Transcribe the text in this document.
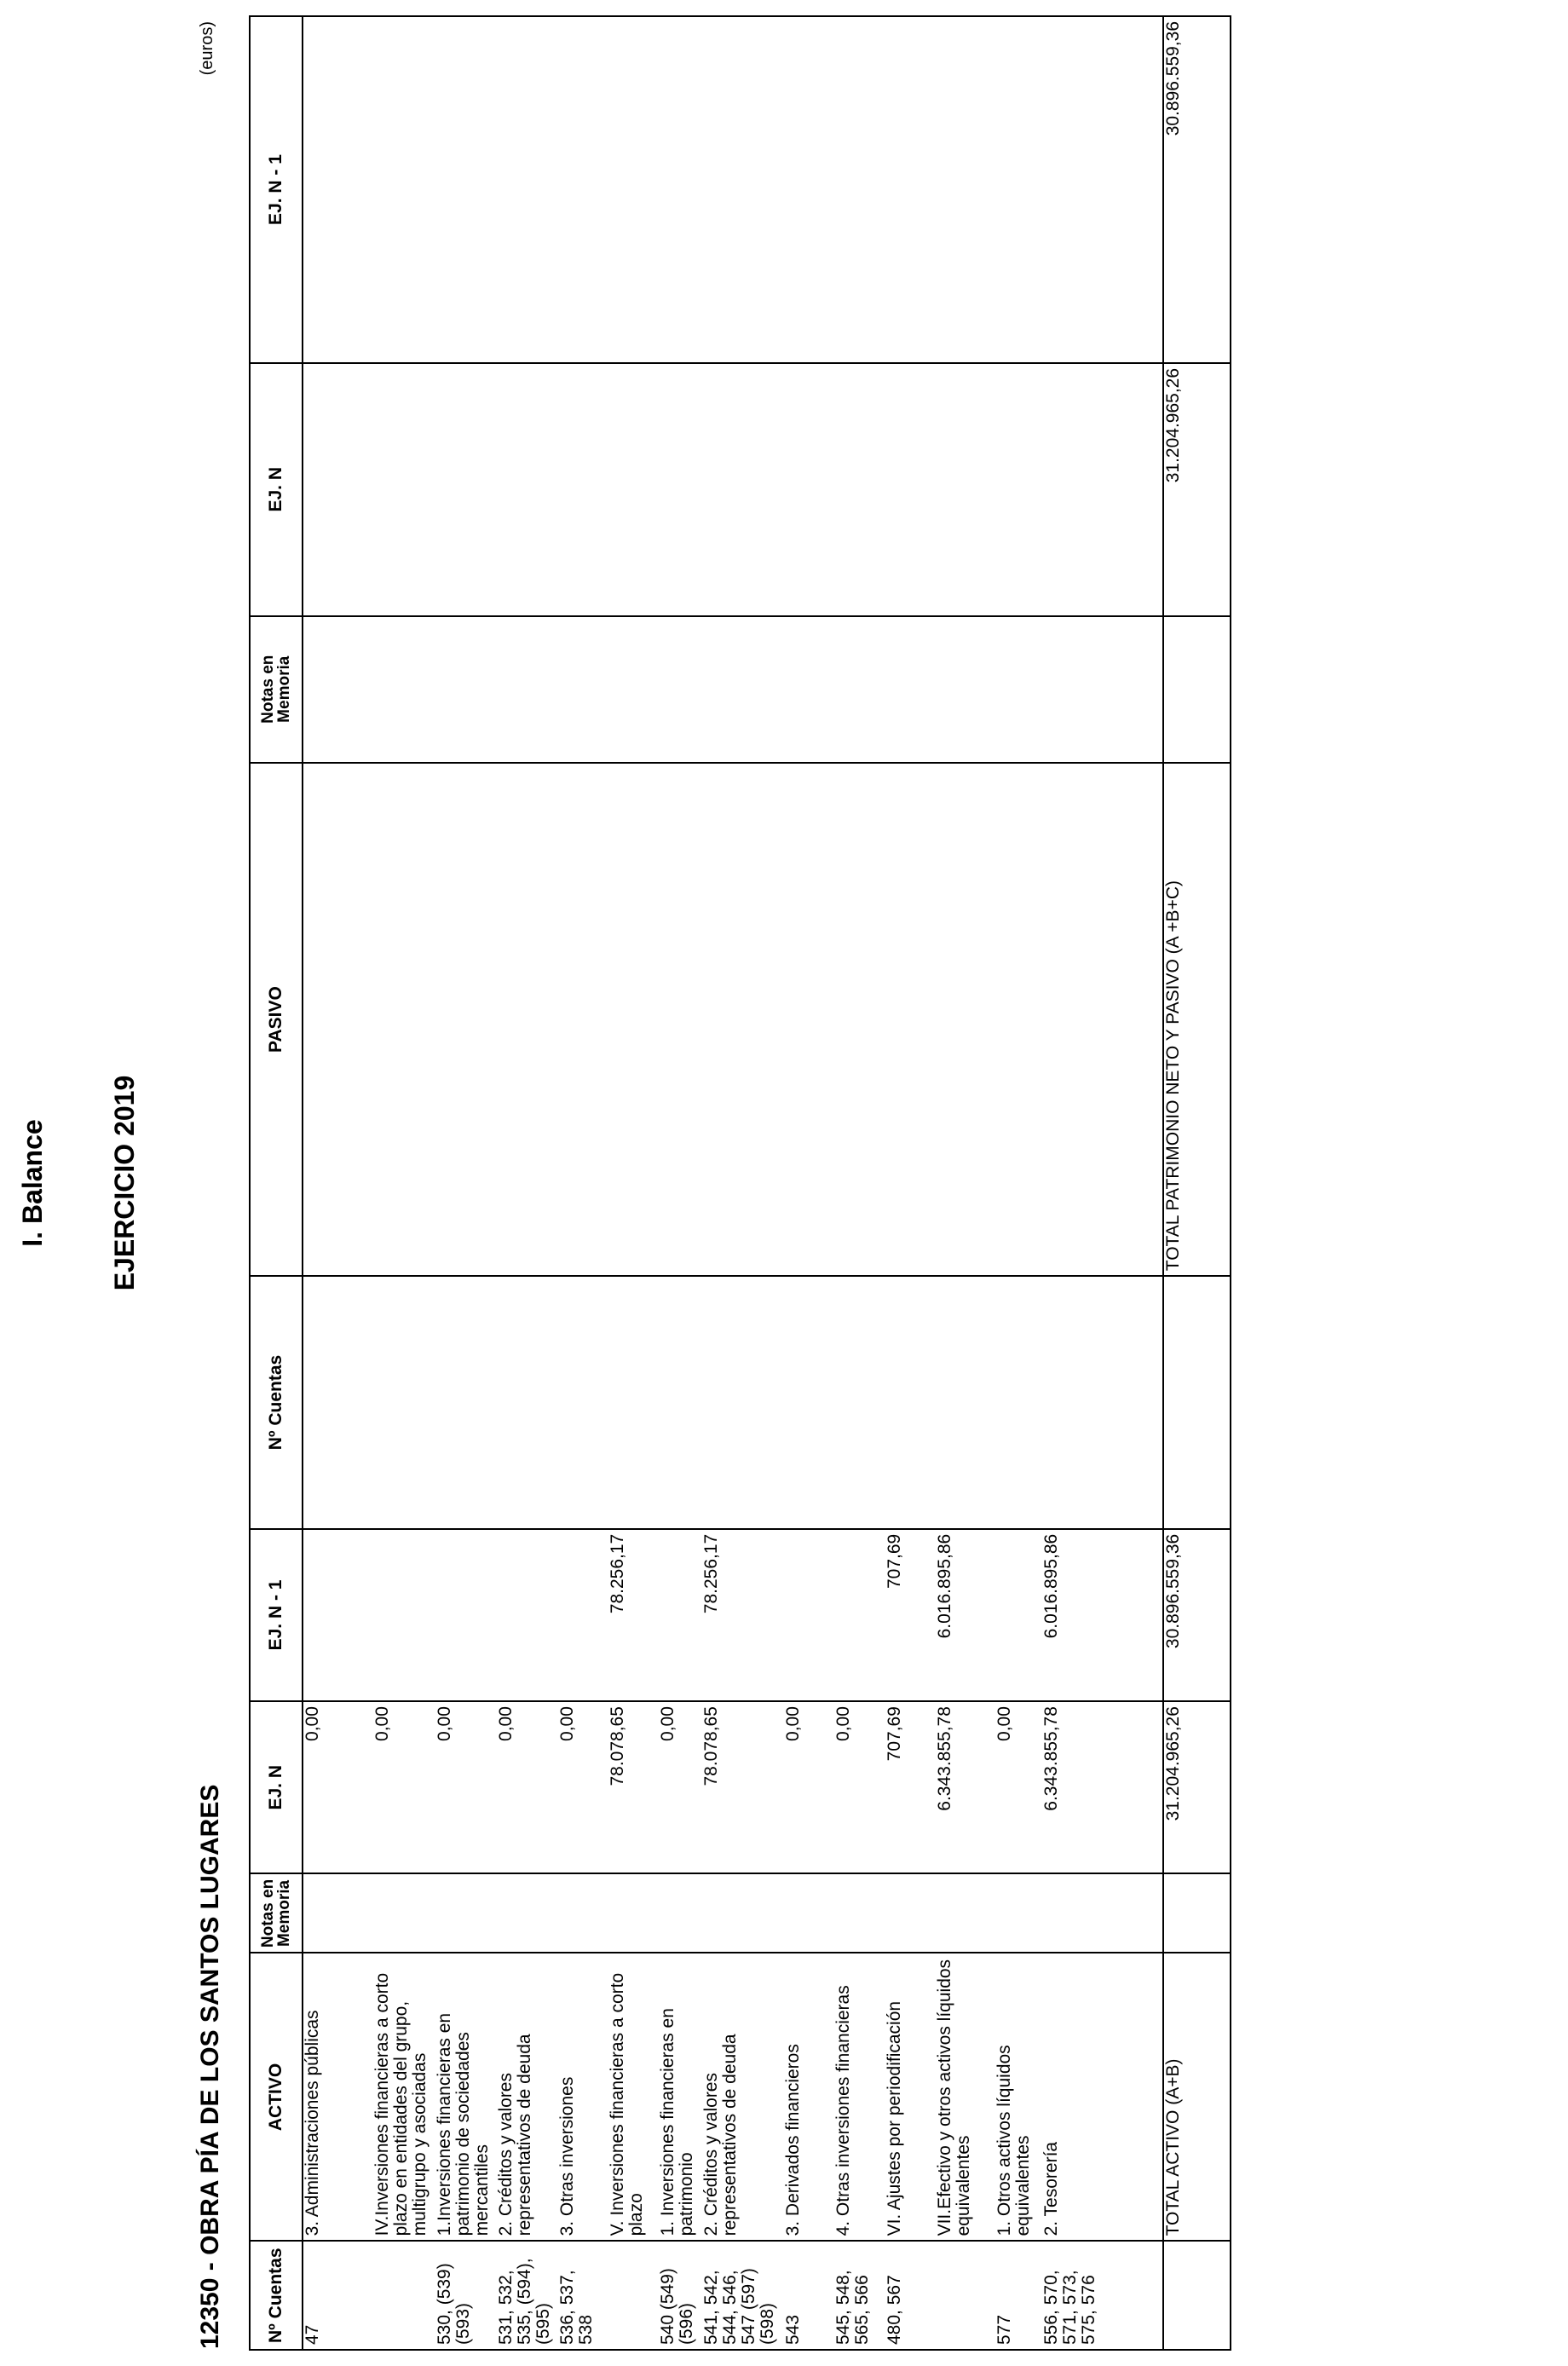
I. Balance EJERCICIO 2019
12350 - OBRA PÍA DE LOS SANTOS LUGARES
(euros)
Nº Cuentas	ACTIVO	Notas en Memoria	EJ. N	EJ. N - 1	Nº Cuentas	PASIVO	Notas en Memoria	EJ. N	EJ. N - 1
47	3. Administraciones públicas		0,00						
	IV.Inversiones financieras a corto plazo en entidades del grupo, multigrupo y asociadas		0,00						
530, (539) (593)	1.Inversiones financieras en patrimonio de sociedades mercantiles		0,00						
531, 532, 535, (594), (595)	2. Créditos y valores representativos de deuda		0,00						
536, 537, 538	3. Otras inversiones		0,00						
	V. Inversiones financieras a corto plazo		78.078,65	78.256,17					
540 (549) (596)	1. Inversiones financieras en patrimonio		0,00						
541, 542, 544, 546, 547 (597) (598)	2. Créditos y valores representativos de deuda		78.078,65	78.256,17					
543	3. Derivados financieros		0,00						
545, 548, 565, 566	4. Otras inversiones financieras		0,00						
480, 567	VI. Ajustes por periodificación		707,69	707,69					
	VII.Efectivo y otros activos líquidos equivalentes		6.343.855,78	6.016.895,86					
577	1. Otros activos líquidos equivalentes		0,00						
556, 570, 571, 573, 575, 576	2. Tesorería		6.343.855,78	6.016.895,86					
	TOTAL ACTIVO (A+B)		31.204.965,26	30.896.559,36		TOTAL PATRIMONIO NETO Y PASIVO (A +B+C)		31.204.965,26	30.896.559,36
